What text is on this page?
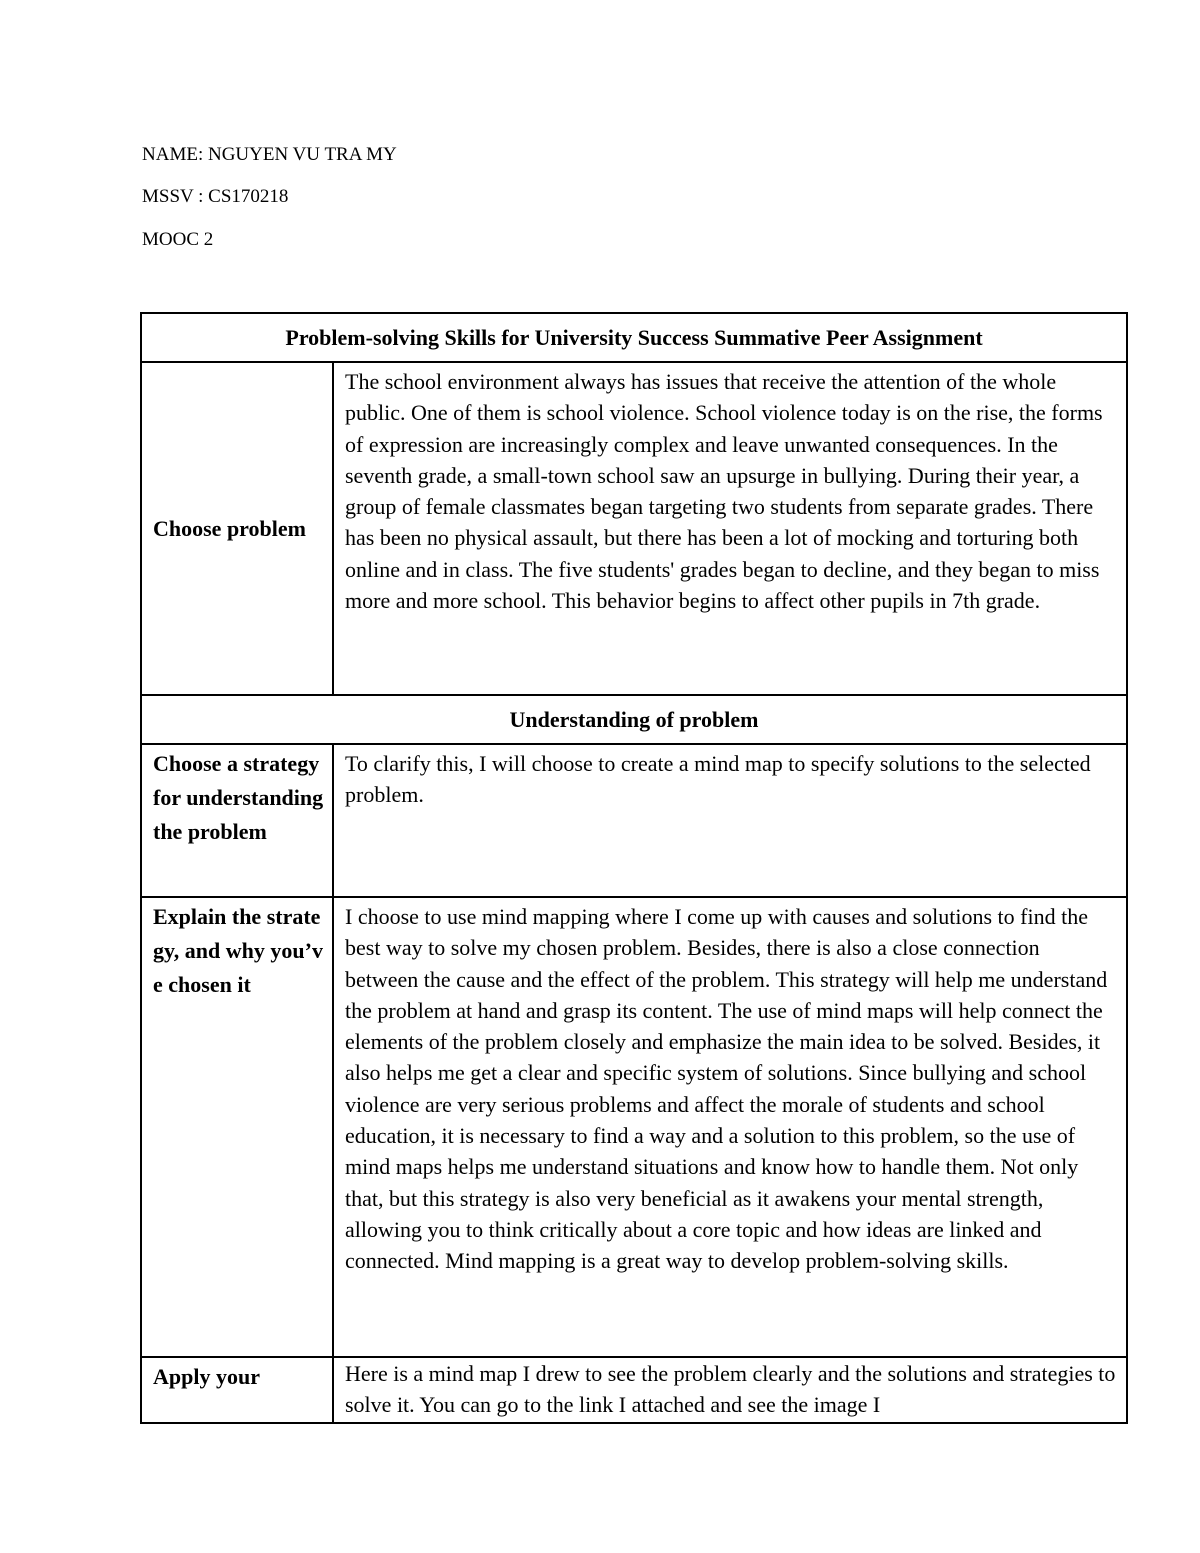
NAME: NGUYEN VU TRA MY
MSSV : CS170218
MOOC 2
Problem-solving Skills for University Success Summative Peer Assignment	
Choose problem	The school environment always has issues that receive the attention of the whole public. One of them is school violence. School violence today is on the rise, the forms of expression are increasingly complex and leave unwanted consequences. In the seventh grade, a small-town school saw an upsurge in bullying. During their year, a group of female classmates began targeting two students from separate grades. There has been no physical assault, but there has been a lot of mocking and torturing both online and in class. The five students' grades began to decline, and they began to miss more and more school. This behavior begins to affect other pupils in 7th grade.
Understanding of problem	
Choose a strategy for understanding the problem	To clarify this, I will choose to create a mind map to specify solutions to the selected problem.
Explain the strategy, and why you’ve chosen it	I choose to use mind mapping where I come up with causes and solutions to find the best way to solve my chosen problem. Besides, there is also a close connection between the cause and the effect of the problem. This strategy will help me understand the problem at hand and grasp its content. The use of mind maps will help connect the elements of the problem closely and emphasize the main idea to be solved. Besides, it also helps me get a clear and specific system of solutions. Since bullying and school violence are very serious problems and affect the morale of students and school education, it is necessary to find a way and a solution to this problem, so the use of mind maps helps me understand situations and know how to handle them. Not only that, but this strategy is also very beneficial as it awakens your mental strength, allowing you to think critically about a core topic and how ideas are linked and connected. Mind mapping is a great way to develop problem-solving skills.

Apply your	Here is a mind map I drew to see the problem clearly and the solutions and strategies to solve it. You can go to the link I attached and see the image I
